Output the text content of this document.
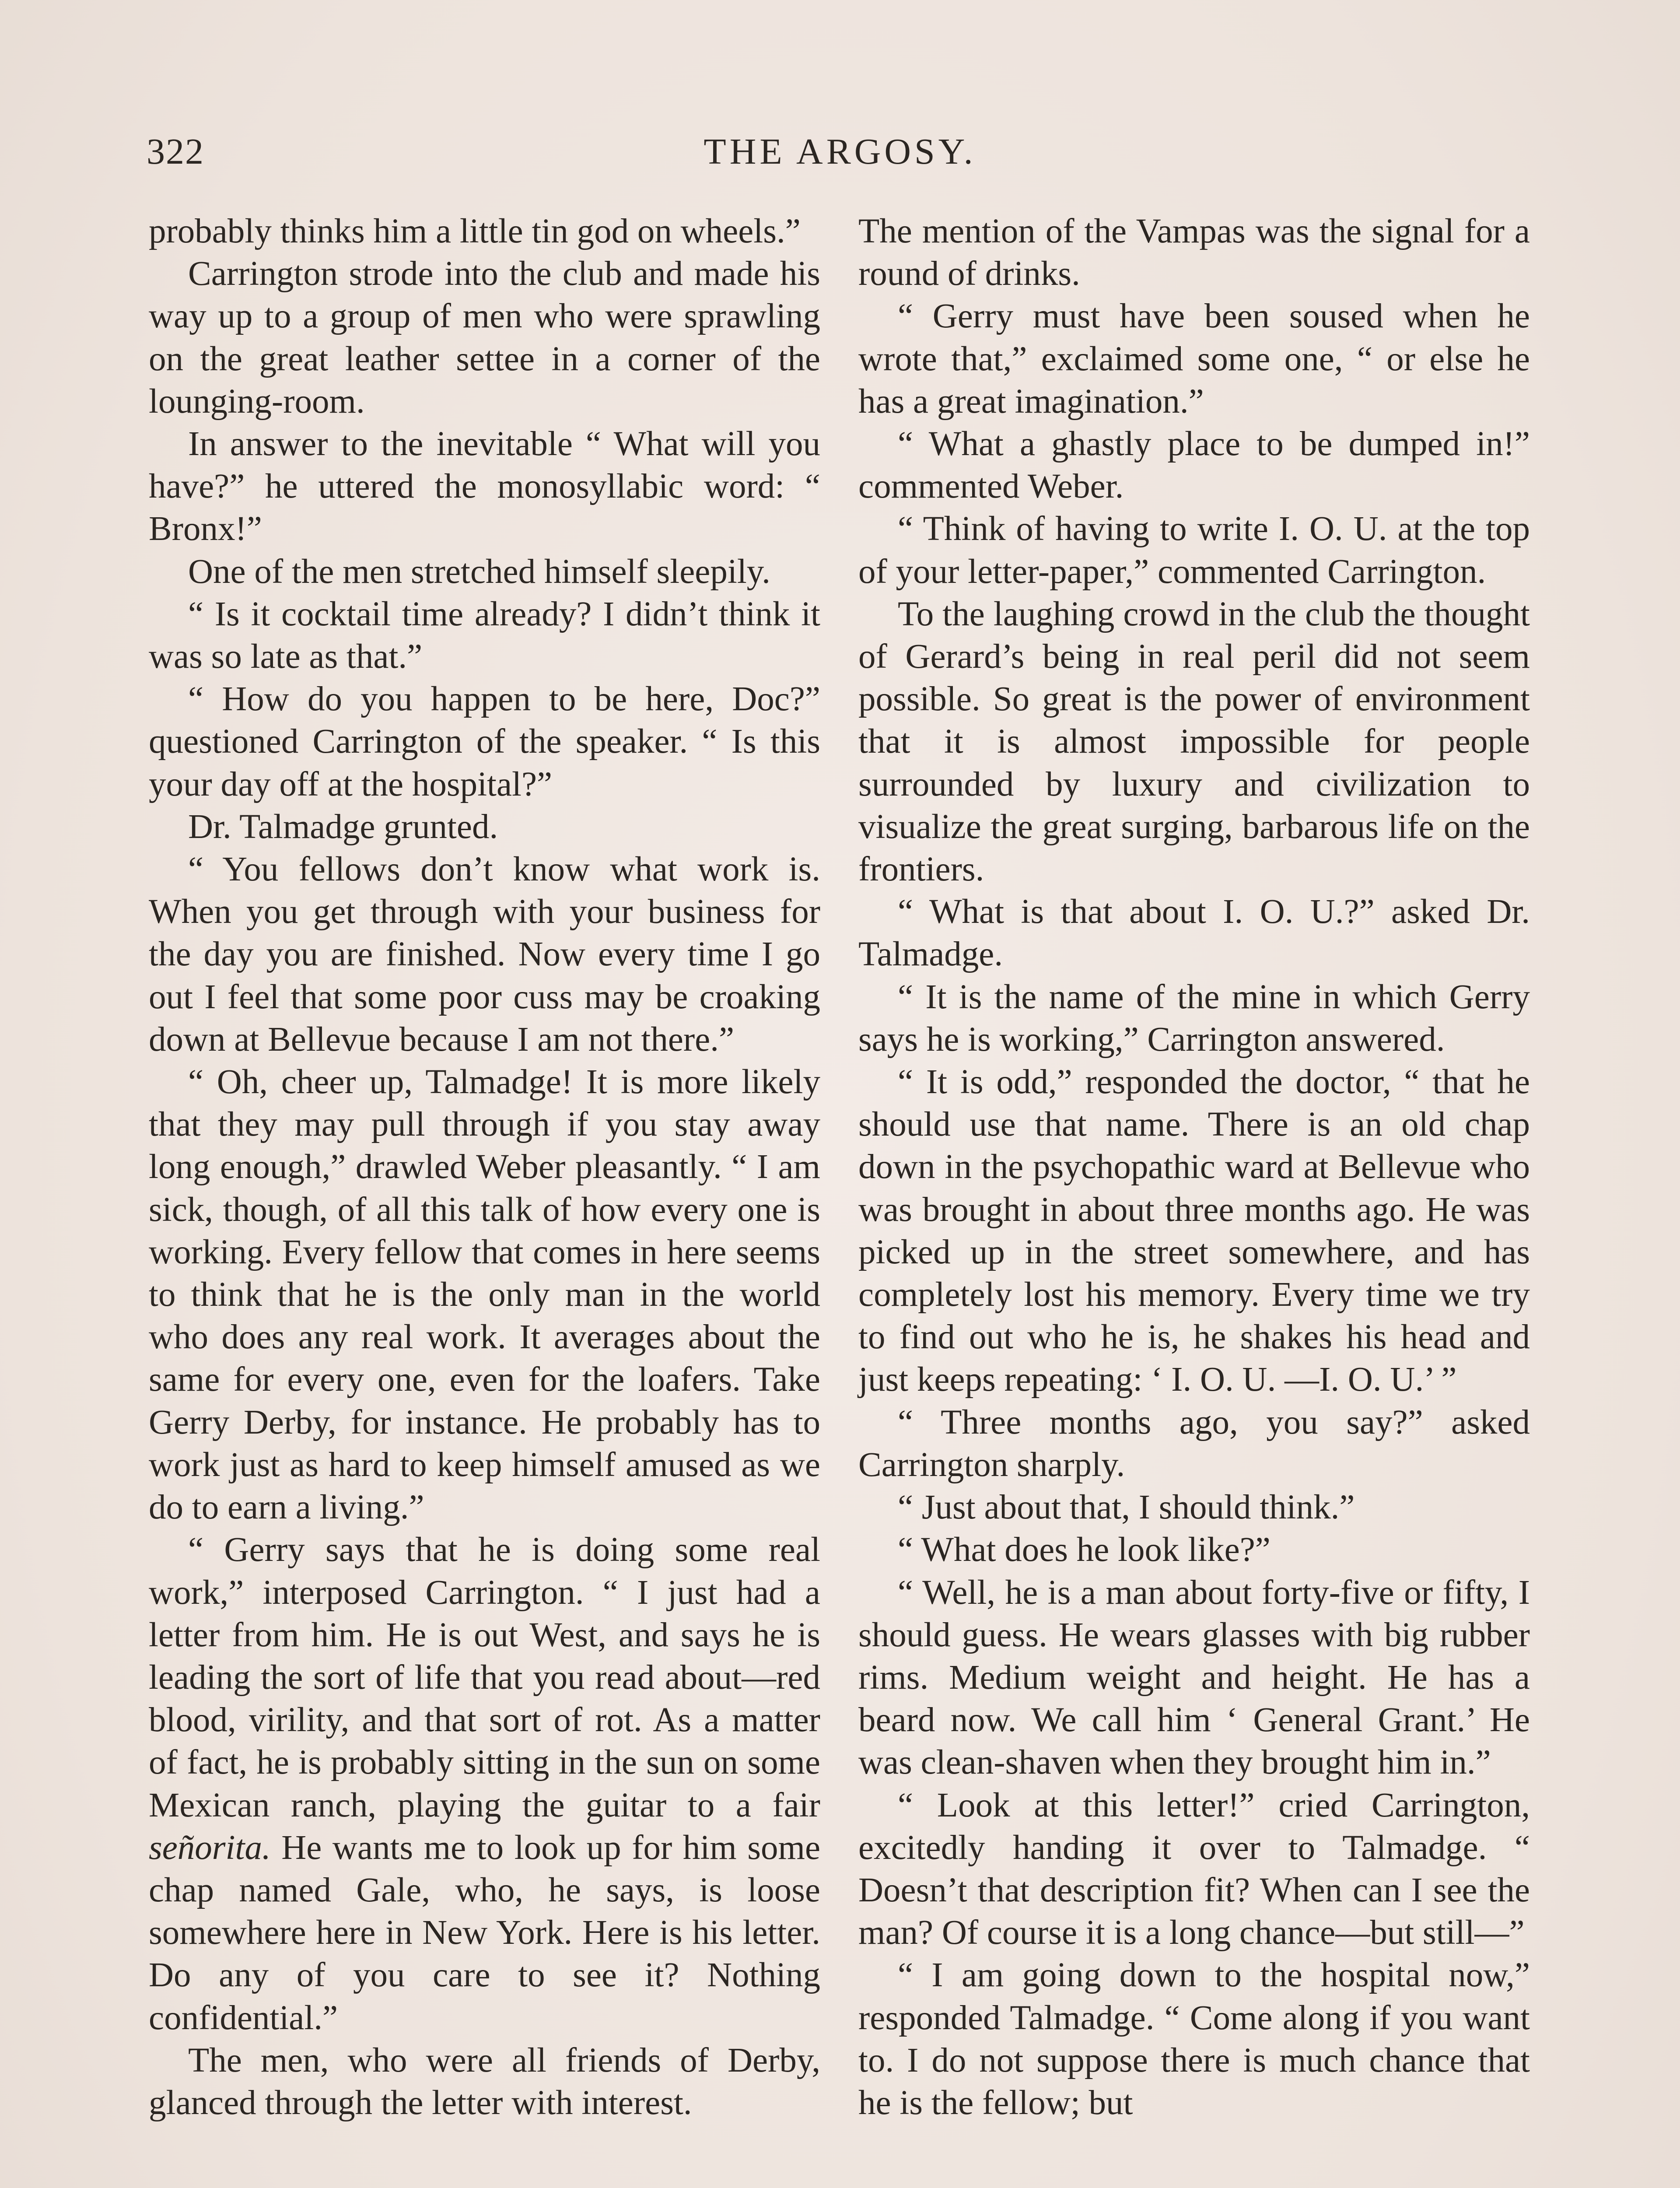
322	THE ARGOSY.

probably thinks him a little tin god on wheels.”

Carrington strode into the club and made his way up to a group of men who were sprawling on the great leather settee in a corner of the lounging-room.

In answer to the inevitable “ What will you have?” he uttered the monosyllabic word: “ Bronx!”

One of the men stretched himself sleepily.

“ Is it cocktail time already? I didn’t think it was so late as that.”

“ How do you happen to be here, Doc?” questioned Carrington of the speaker. “ Is this your day off at the hospital?”

Dr. Talmadge grunted.

“ You fellows don’t know what work is. When you get through with your business for the day you are finished. Now every time I go out I feel that some poor cuss may be croaking down at Bellevue because I am not there.”

“ Oh, cheer up, Talmadge! It is more likely that they may pull through if you stay away long enough,” drawled Weber pleasantly. “ I am sick, though, of all this talk of how every one is working. Every fellow that comes in here seems to think that he is the only man in the world who does any real work. It averages about the same for every one, even for the loafers. Take Gerry Derby, for instance. He probably has to work just as hard to keep himself amused as we do to earn a living.”

“ Gerry says that he is doing some real work,” interposed Carrington. “ I just had a letter from him. He is out West, and says he is leading the sort of life that you read about—red blood, virility, and that sort of rot. As a matter of fact, he is probably sitting in the sun on some Mexican ranch, playing the guitar to a fair señorita. He wants me to look up for him some chap named Gale, who, he says, is loose somewhere here in New York. Here is his letter. Do any of you care to see it? Nothing confidential.”

The men, who were all friends of Derby, glanced through the letter with interest.

The mention of the Vampas was the signal for a round of drinks.

“ Gerry must have been soused when he wrote that,” exclaimed some one, “ or else he has a great imagination.”

“ What a ghastly place to be dumped in!” commented Weber.

“ Think of having to write I. O. U. at the top of your letter-paper,” commented Carrington.

To the laughing crowd in the club the thought of Gerard’s being in real peril did not seem possible. So great is the power of environment that it is almost impossible for people surrounded by luxury and civilization to visualize the great surging, barbarous life on the frontiers.

“ What is that about I. O. U.?” asked Dr. Talmadge.

“ It is the name of the mine in which Gerry says he is working,” Carrington answered.

“ It is odd,” responded the doctor, “ that he should use that name. There is an old chap down in the psychopathic ward at Bellevue who was brought in about three months ago. He was picked up in the street somewhere, and has completely lost his memory. Every time we try to find out who he is, he shakes his head and just keeps repeating: ‘ I. O. U. —I. O. U.’ ”

“ Three months ago, you say?” asked Carrington sharply.

“ Just about that, I should think.”

“ What does he look like?”

“ Well, he is a man about forty-five or fifty, I should guess. He wears glasses with big rubber rims. Medium weight and height. He has a beard now. We call him ‘ General Grant.’ He was clean-shaven when they brought him in.”

“ Look at this letter!” cried Carrington, excitedly handing it over to Talmadge. “ Doesn’t that description fit? When can I see the man? Of course it is a long chance—but still—”

“ I am going down to the hospital now,” responded Talmadge. “ Come along if you want to. I do not suppose there is much chance that he is the fellow; but
